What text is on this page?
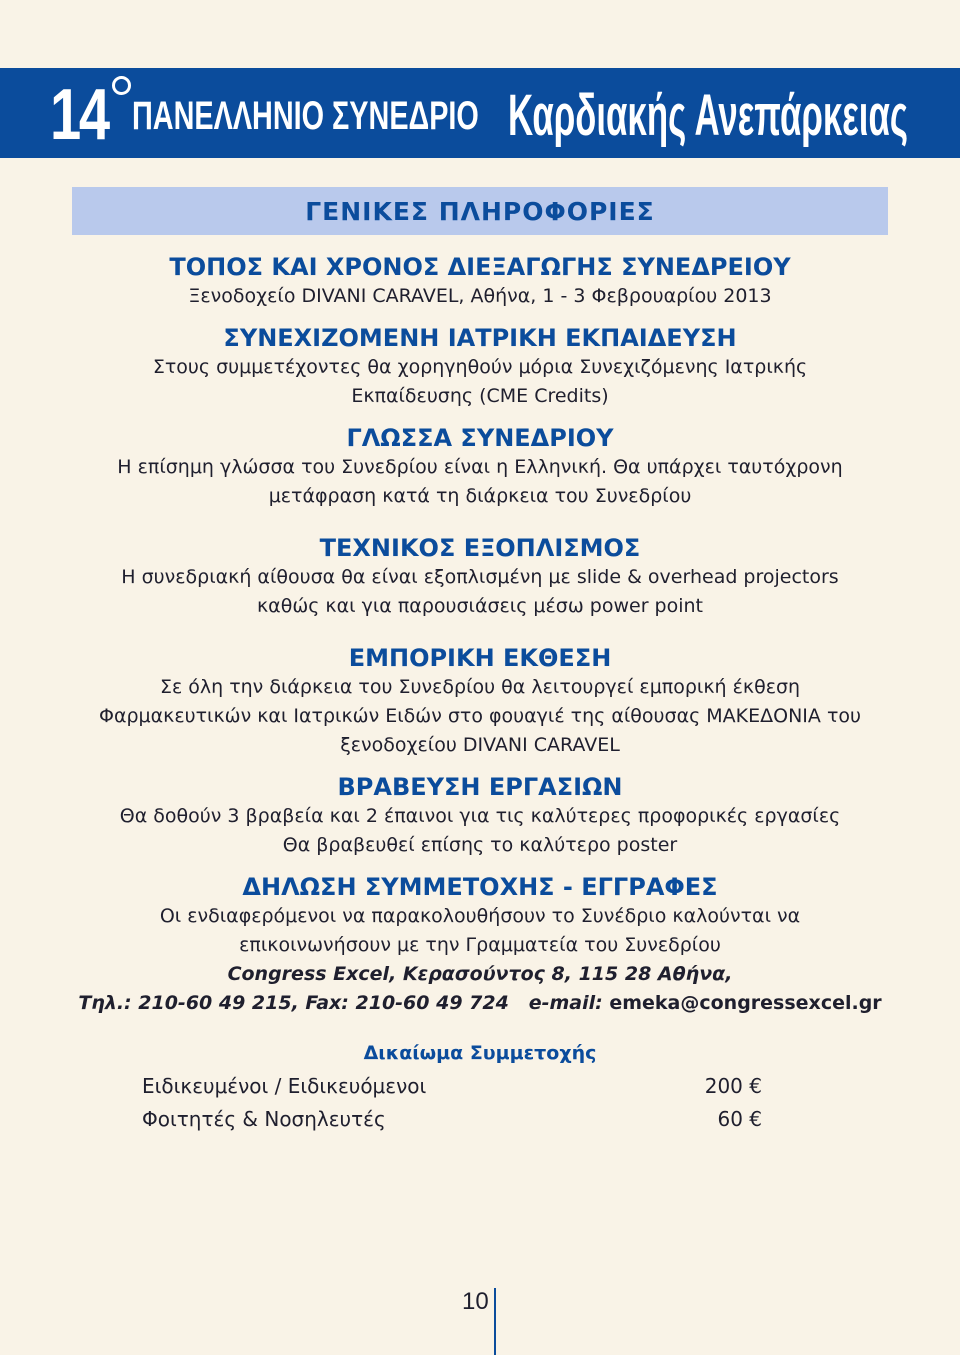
14 ΠΑΝΕΛΛΗΝΙΟ ΣΥΝΕΔΡΙΟ Καρδιακής Ανεπάρκειας
ΓΕΝΙΚΕΣ ΠΛΗΡΟΦΟΡΙΕΣ

ΤΟΠΟΣ ΚΑΙ ΧΡΟΝΟΣ ΔΙΕΞΑΓΩΓΗΣ ΣΥΝΕΔΡΕΙΟΥ

Ξενοδοχείο DIVANI CARAVEL, Αθήνα, 1 - 3 Φεβρουαρίου 2013

ΣΥΝΕΧΙΖΟΜΕΝΗ ΙΑΤΡΙΚΗ ΕΚΠΑΙΔΕΥΣΗ

Στους συμμετέχοντες θα χορηγηθούν μόρια Συνεχιζόμενης Ιατρικής

Εκπαίδευσης (CME Credits)

ΓΛΩΣΣΑ ΣΥΝΕΔΡΙΟΥ

Η επίσημη γλώσσα του Συνεδρίου είναι η Ελληνική. Θα υπάρχει ταυτόχρονη

μετάφραση κατά τη διάρκεια του Συνεδρίου

ΤΕΧΝΙΚΟΣ ΕΞΟΠΛΙΣΜΟΣ

Η συνεδριακή αίθουσα θα είναι εξοπλισμένη με slide & overhead projectors

καθώς και για παρουσιάσεις μέσω power point

ΕΜΠΟΡΙΚΗ ΕΚΘΕΣΗ

Σε όλη την διάρκεια του Συνεδρίου θα λειτουργεί εμπορική έκθεση

Φαρμακευτικών και Ιατρικών Ειδών στο φουαγιέ της αίθουσας ΜΑΚΕΔΟΝΙΑ του

ξενοδοχείου DIVANI CARAVEL

ΒΡΑΒΕΥΣΗ ΕΡΓΑΣΙΩΝ

Θα δοθούν 3 βραβεία και 2 έπαινοι για τις καλύτερες προφορικές εργασίες

Θα βραβευθεί επίσης το καλύτερο poster

ΔΗΛΩΣΗ ΣΥΜΜΕΤΟΧΗΣ - ΕΓΓΡΑΦΕΣ

Οι ενδιαφερόμενοι να παρακολουθήσουν το Συνέδριο καλούνται να

επικοινωνήσουν με την Γραμματεία του Συνεδρίου

Congress Excel, Κερασούντος 8, 115 28 Αθήνα,

Τηλ.: 210-60 49 215, Fax: 210-60 49 724 e-mail: emeka@congressexcel.gr

Δικαίωμα Συμμετοχής
Ειδικευμένοι / Ειδικευόμενοι	200 €
Φοιτητές & Νοσηλευτές	60 €
10
